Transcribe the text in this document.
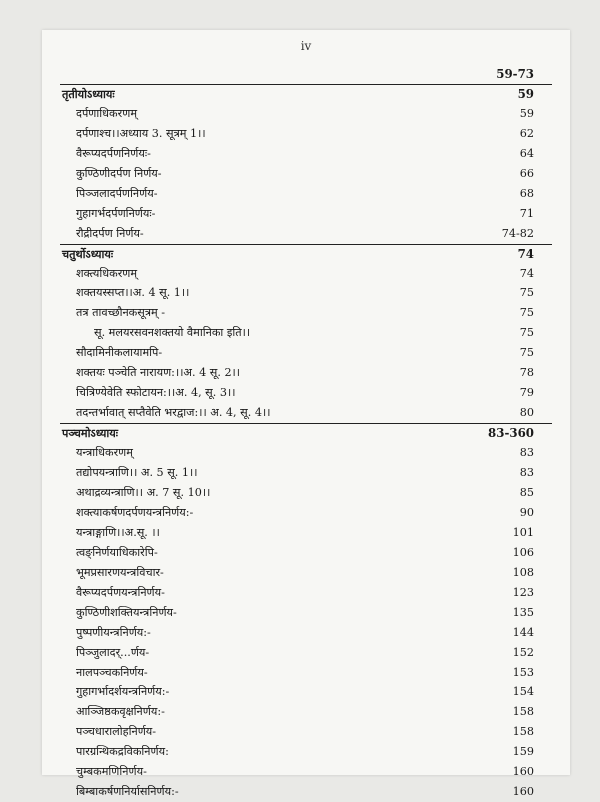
iv
59-73
तृतीयोऽध्यायः	59
दर्पणाधिकरणम्	59
दर्पणाश्च।।अध्याय 3. सूत्रम् 1।।	62
वैरूप्यदर्पणनिर्णयः-	64
कुण्ठिणीदर्पण निर्णय-	66
पिञ्जलादर्पणनिर्णय-	68
गुहागर्भदर्पणनिर्णयः-	71
रौद्रीदर्पण निर्णय-	74-82
चतुर्थोऽध्यायः	74
शक्त्यधिकरणम्	74
शक्तयस्सप्त।।अ. 4 सू. 1।।	75
तत्र तावच्छौनकसूत्रम् -	75
सू. मलयरसवनशक्तयो वैमानिका इति।।	75
सौदामिनीकलायामपि-	75
शक्तयः पञ्चेति नारायण:।।अ. 4 सू. 2।।	78
चित्रिण्येवेति स्फोटायन:।।अ. 4, सू. 3।।	79
तदन्तर्भावात् सप्तैवेति भरद्वाज:।। अ. 4, सू. 4।।	80
पञ्चमोऽध्यायः	83-360
यन्त्राधिकरणम्	83
तद्योपयन्त्राणि।। अ. 5 सू. 1।।	83
अथाद्रव्यन्त्राणि।। अ. 7 सू. 10।।	85
शक्त्याकर्षणदर्पणयन्त्रनिर्णय:-	90
यन्त्राङ्गाणि।।अ.सू. ।।	101
त्वङ्निर्णयाधिकारेपि-	106
भूमप्रसारणयन्त्रविचार-	108
वैरूप्यदर्पणयन्त्रनिर्णय-	123
कुण्ठिणीशक्तियन्त्रनिर्णय-	135
पुष्पणीयन्त्रनिर्णय:-	144
पिञ्जुलादर्...र्णय-	152
नालपञ्चकनिर्णय-	153
गुहागर्भादर्शयन्त्रनिर्णय:-	154
आञ्जिष्ठकवृक्षनिर्णय:-	158
पञ्चधारालोहनिर्णय-	158
पारग्रन्थिकद्रविकनिर्णय:	159
चुम्बकमणिनिर्णय-	160
बिम्बाकर्षणनिर्यासनिर्णय:-	160
